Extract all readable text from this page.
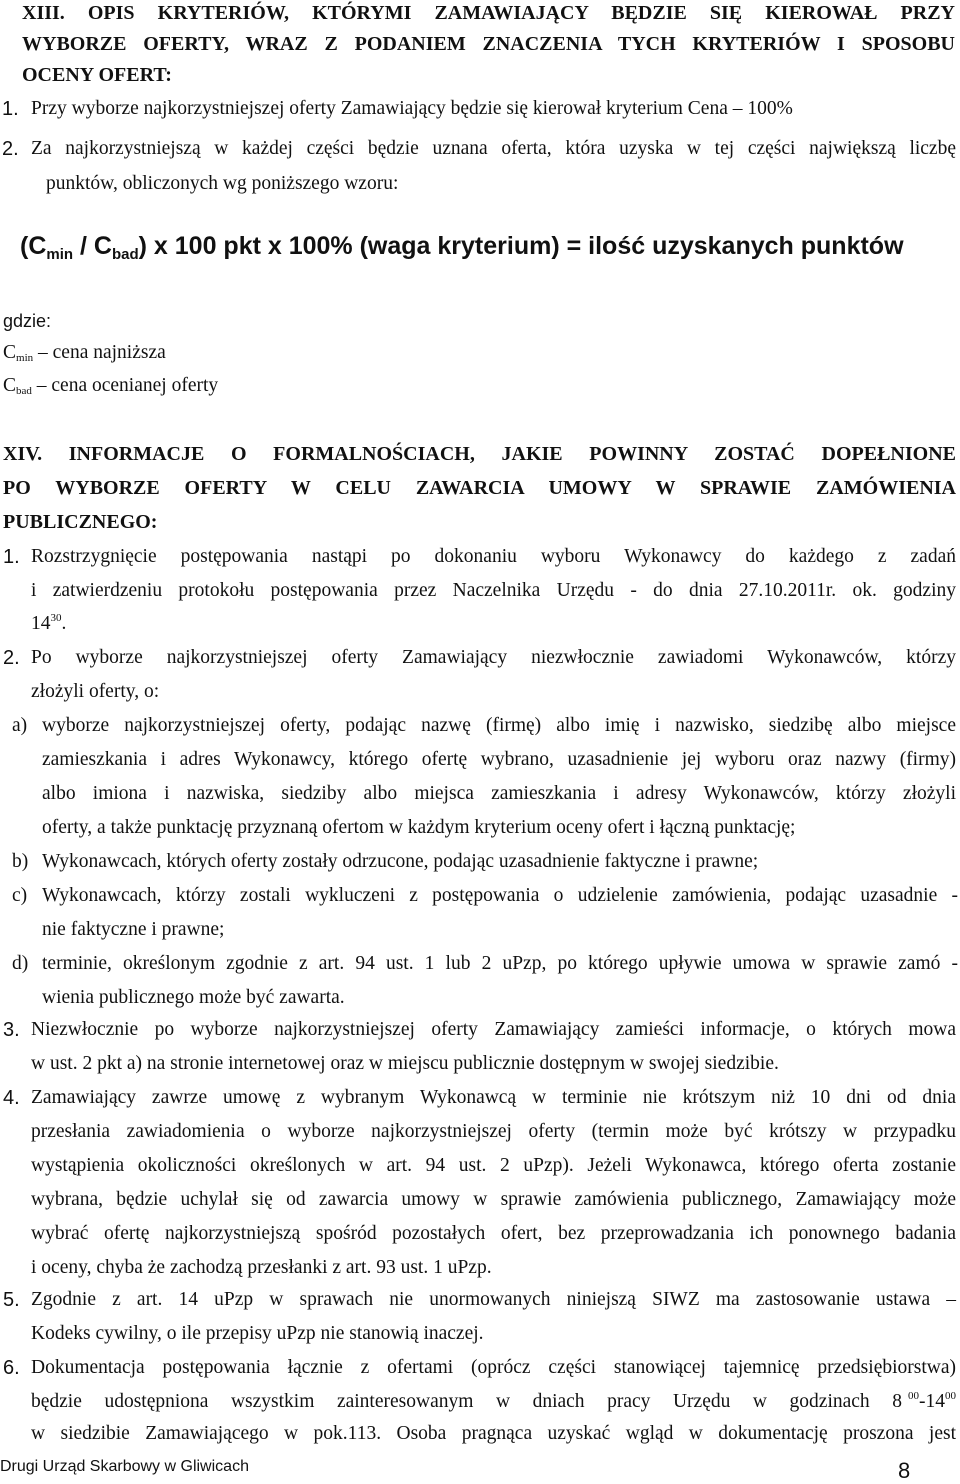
XIII. OPIS KRYTERIÓW, KTÓRYMI ZAMAWIAJĄCY BĘDZIE SIĘ KIEROWAŁ PRZY
WYBORZE OFERTY, WRAZ Z PODANIEM ZNACZENIA TYCH KRYTERIÓW I SPOSOBU
OCENY OFERT:
1. Przy wyborze najkorzystniejszej oferty Zamawiający będzie się kierował kryterium Cena – 100%
2. Za najkorzystniejszą w każdej części będzie uznana oferta, która uzyska w tej części największą liczbę
punktów, obliczonych wg poniższego wzoru:
$(C_{min} / C_{bad})$ x 100 pkt x 100% (waga kryterium) = ilość uzyskanych punktów
gdzie:
$C_{min}$ – cena najniższa
$C_{bad}$ – cena ocenianej oferty
XIV. INFORMACJE O FORMALNOŚCIACH, JAKIE POWINNY ZOSTAĆ DOPEŁNIONE
PO WYBORZE OFERTY W CELU ZAWARCIA UMOWY W SPRAWIE ZAMÓWIENIA
PUBLICZNEGO:
1. Rozstrzygnięcie postępowania nastąpi po dokonaniu wyboru Wykonawcy do każdego z zadań
i zatwierdzeniu protokołu postępowania przez Naczelnika Urzędu - do dnia 27.10.2011r. ok. godziny
$14^{30}$.
2. Po wyborze najkorzystniejszej oferty Zamawiający niezwłocznie zawiadomi Wykonawców, którzy
złożyli oferty, o:
a) wyborze najkorzystniejszej oferty, podając nazwę (firmę) albo imię i nazwisko, siedzibę albo miejsce
zamieszkania i adres Wykonawcy, którego ofertę wybrano, uzasadnienie jej wyboru oraz nazwy (firmy)
albo imiona i nazwiska, siedziby albo miejsca zamieszkania i adresy Wykonawców, którzy złożyli
oferty, a także punktację przyznaną ofertom w każdym kryterium oceny ofert i łączną punktację;
b) Wykonawcach, których oferty zostały odrzucone, podając uzasadnienie faktyczne i prawne;
c) Wykonawcach, którzy zostali wykluczeni z postępowania o udzielenie zamówienia, podając uzasadnie -
nie faktyczne i prawne;
d) terminie, określonym zgodnie z art. 94 ust. 1 lub 2 uPzp, po którego upływie umowa w sprawie zamó -
wienia publicznego może być zawarta.
3. Niezwłocznie po wyborze najkorzystniejszej oferty Zamawiający zamieści informacje, o których mowa
w ust. 2 pkt a) na stronie internetowej oraz w miejscu publicznie dostępnym w swojej siedzibie.
4. Zamawiający zawrze umowę z wybranym Wykonawcą w terminie nie krótszym niż 10 dni od dnia
przesłania zawiadomienia o wyborze najkorzystniejszej oferty (termin może być krótszy w przypadku
wystąpienia okoliczności określonych w art. 94 ust. 2 uPzp). Jeżeli Wykonawca, którego oferta zostanie
wybrana, będzie uchylał się od zawarcia umowy w sprawie zamówienia publicznego, Zamawiający może
wybrać ofertę najkorzystniejszą spośród pozostałych ofert, bez przeprowadzania ich ponownego badania
i oceny, chyba że zachodzą przesłanki z art. 93 ust. 1 uPzp.
5. Zgodnie z art. 14 uPzp w sprawach nie unormowanych niniejszą SIWZ ma zastosowanie ustawa –
Kodeks cywilny, o ile przepisy uPzp nie stanowią inaczej.
6. Dokumentacja postępowania łącznie z ofertami (oprócz części stanowiącej tajemnicę przedsiębiorstwa)
będzie udostępniona wszystkim zainteresowanym w dniach pracy Urzędu w godzinach 8 $^{00}-14^{00}$
w siedzibie Zamawiającego w pok.113. Osoba pragnąca uzyskać wgląd w dokumentację proszona jest
Drugi Urząd Skarbowy w Gliwicach	8
